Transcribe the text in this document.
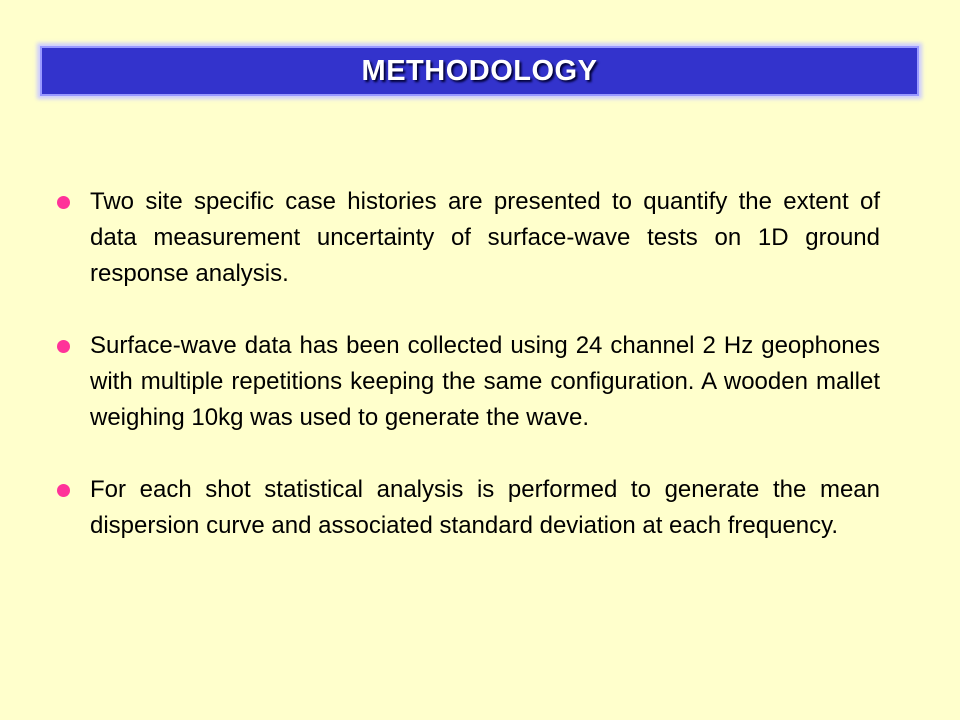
METHODOLOGY
Two site specific case histories are presented to quantify the extent of data measurement uncertainty of surface-wave tests on 1D ground response analysis.
Surface-wave data has been collected using 24 channel 2 Hz geophones with multiple repetitions keeping the same configuration. A wooden mallet weighing 10kg was used to generate the wave.
For each shot statistical analysis is performed to generate the mean dispersion curve and associated standard deviation at each frequency.
